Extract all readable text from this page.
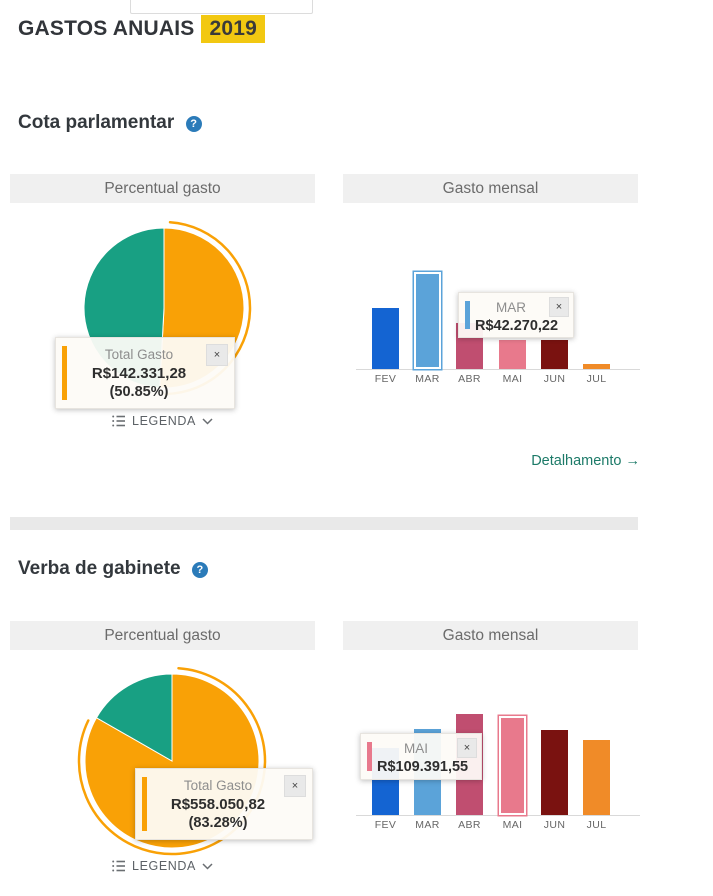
GASTOS ANUAIS 2019
Cota parlamentar ?
Percentual gasto	Gasto mensal
×
Total Gasto
R$142.331,28
(50.85%)
LEGENDA
FEV	MAR	ABR	MAI	JUN	JUL
×
MAR
R$42.270,22
Detalhamento →
Verba de gabinete ?
Percentual gasto	Gasto mensal
×
Total Gasto
R$558.050,82
(83.28%)
LEGENDA
FEV	MAR	ABR	MAI	JUN	JUL
×
MAI
R$109.391,55
